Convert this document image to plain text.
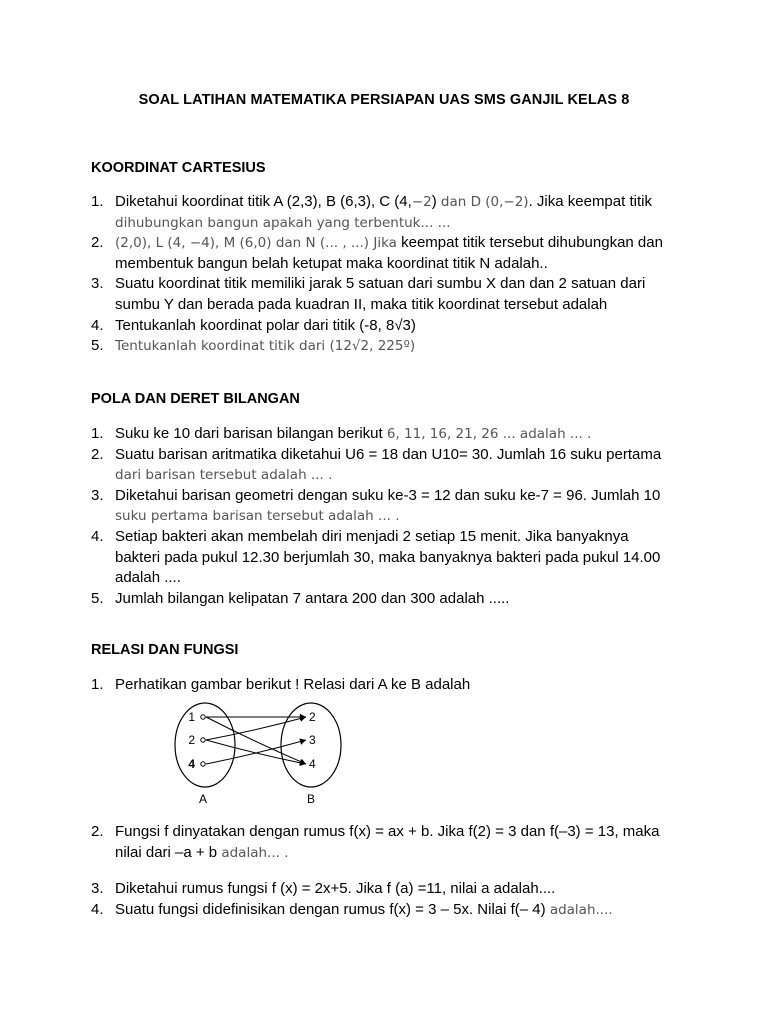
SOAL LATIHAN MATEMATIKA PERSIAPAN UAS SMS GANJIL KELAS 8
KOORDINAT CARTESIUS
1. Diketahui koordinat titik A (2,3), B (6,3), C (4,−2) dan D (0,−2). Jika keempat titik
dihubungkan bangun apakah yang terbentuk... ...
2. (2,0), L (4, −4), M (6,0) dan N (... , ...) Jika keempat titik tersebut dihubungkan dan
membentuk bangun belah ketupat maka koordinat titik N adalah..
3. Suatu koordinat titik memiliki jarak 5 satuan dari sumbu X dan dan 2 satuan dari
sumbu Y dan berada pada kuadran II, maka titik koordinat tersebut adalah
4. Tentukanlah koordinat polar dari titik (-8, 8√3)
5. Tentukanlah koordinat titik dari (12√2, 225º)
POLA DAN DERET BILANGAN
1. Suku ke 10 dari barisan bilangan berikut 6, 11, 16, 21, 26 ... adalah ... .
2. Suatu barisan aritmatika diketahui U6 = 18 dan U10= 30. Jumlah 16 suku pertama
dari barisan tersebut adalah ... .
3. Diketahui barisan geometri dengan suku ke-3 = 12 dan suku ke-7 = 96. Jumlah 10
suku pertama barisan tersebut adalah ... .
4. Setiap bakteri akan membelah diri menjadi 2 setiap 15 menit. Jika banyaknya
bakteri pada pukul 12.30 berjumlah 30, maka banyaknya bakteri pada pukul 14.00
adalah ....
5. Jumlah bilangan kelipatan 7 antara 200 dan 300 adalah .....
RELASI DAN FUNGSI
1. Perhatikan gambar berikut ! Relasi dari A ke B adalah
1
2
4
2
3
4
A	B
2. Fungsi f dinyatakan dengan rumus f(x) = ax + b. Jika f(2) = 3 dan f(–3) = 13, maka
nilai dari –a + b adalah... .
3. Diketahui rumus fungsi f (x) = 2x+5. Jika f (a) =11, nilai a adalah....
4. Suatu fungsi didefinisikan dengan rumus f(x) = 3 – 5x. Nilai f(– 4) adalah....
